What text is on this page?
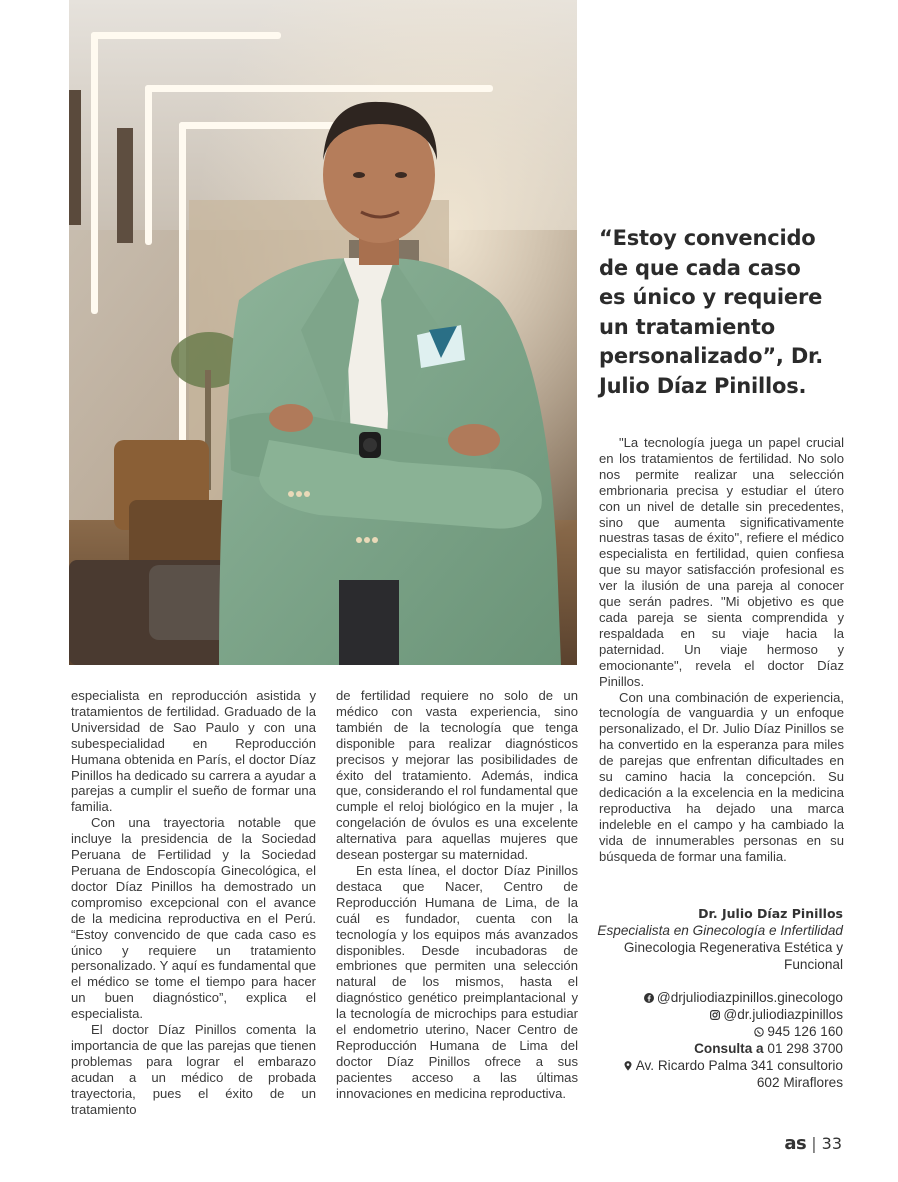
“Estoy convencido de que cada caso es único y requiere un tratamiento personalizado”, Dr. Julio Díaz Pinillos.

especialista en reproducción asistida y tratamientos de fertilidad. Graduado de la Universidad de Sao Paulo y con una subespecialidad en Reproducción Humana obtenida en París, el doctor Díaz Pinillos ha dedicado su carrera a ayudar a parejas a cumplir el sueño de formar una familia.

Con una trayectoria notable que incluye la presidencia de la Sociedad Peruana de Fertilidad y la Sociedad Peruana de Endoscopía Ginecológica, el doctor Díaz Pinillos ha demostrado un compromiso excepcional con el avance de la medicina reproductiva en el Perú. “Estoy convencido de que cada caso es único y requiere un tratamiento personalizado. Y aquí es fundamental que el médico se tome el tiempo para hacer un buen diagnóstico”, explica el especialista.

El doctor Díaz Pinillos comenta la importancia de que las parejas que tienen problemas para lograr el embarazo acudan a un médico de probada trayectoria, pues el éxito de un tratamiento

de fertilidad requiere no solo de un médico con vasta experiencia, sino también de la tecnología que tenga disponible para realizar diagnósticos precisos y mejorar las posibilidades de éxito del tratamiento. Además, indica que, considerando el rol fundamental que cumple el reloj biológico en la mujer , la congelación de óvulos es una excelente alternativa para aquellas mujeres que desean postergar su maternidad.

En esta línea, el doctor Díaz Pinillos destaca que Nacer, Centro de Reproducción Humana de Lima, de la cuál es fundador, cuenta con la tecnología y los equipos más avanzados disponibles. Desde incubadoras de embriones que permiten una selección natural de los mismos, hasta el diagnóstico genético preimplantacional y la tecnología de microchips para estudiar el endometrio uterino, Nacer Centro de Reproducción Humana de Lima del doctor Díaz Pinillos ofrece a sus pacientes acceso a las últimas innovaciones en medicina reproductiva.

"La tecnología juega un papel crucial en los tratamientos de fertilidad. No solo nos permite realizar una selección embrionaria precisa y estudiar el útero con un nivel de detalle sin precedentes, sino que aumenta significativamente nuestras tasas de éxito", refiere el médico especialista en fertilidad, quien confiesa que su mayor satisfacción profesional es ver la ilusión de una pareja al conocer que serán padres. "Mi objetivo es que cada pareja se sienta comprendida y respaldada en su viaje hacia la paternidad. Un viaje hermoso y emocionante", revela el doctor Díaz Pinillos.

Con una combinación de experiencia, tecnología de vanguardia y un enfoque personalizado, el Dr. Julio Díaz Pinillos se ha convertido en la esperanza para miles de parejas que enfrentan dificultades en su camino hacia la concepción. Su dedicación a la excelencia en la medicina reproductiva ha dejado una marca indeleble en el campo y ha cambiado la vida de innumerables personas en su búsqueda de formar una familia.

Dr. Julio Díaz Pinillos
Especialista en Ginecología e Infertilidad
Ginecologia Regenerativa Estética y Funcional
@drjuliodiazpinillos.ginecologo
@dr.juliodiazpinillos
945 126 160
Consulta a 01 298 3700
Av. Ricardo Palma 341 consultorio
602 Miraflores
as | 33
